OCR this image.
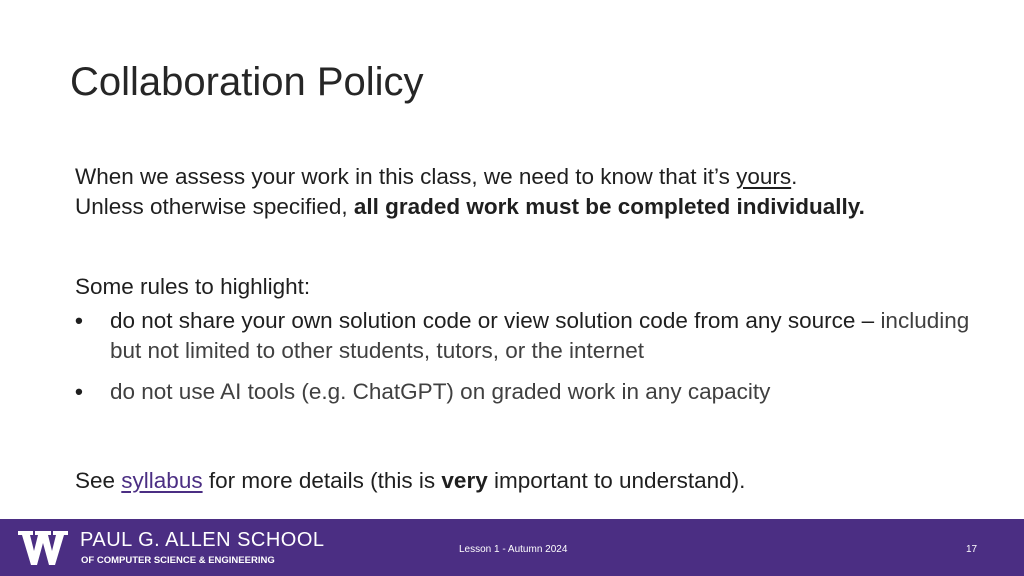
Collaboration Policy

When we assess your work in this class, we need to know that it’s yours.
Unless otherwise specified, all graded work must be completed individually.

Some rules to highlight:

• do not share your own solution code or view solution code from any source – including but not limited to other students, tutors, or the internet
• do not use AI tools (e.g. ChatGPT) on graded work in any capacity

See syllabus for more details (this is very important to understand).

PAUL G. ALLEN SCHOOL
OF COMPUTER SCIENCE & ENGINEERING
Lesson 1 - Autumn 2024	17
